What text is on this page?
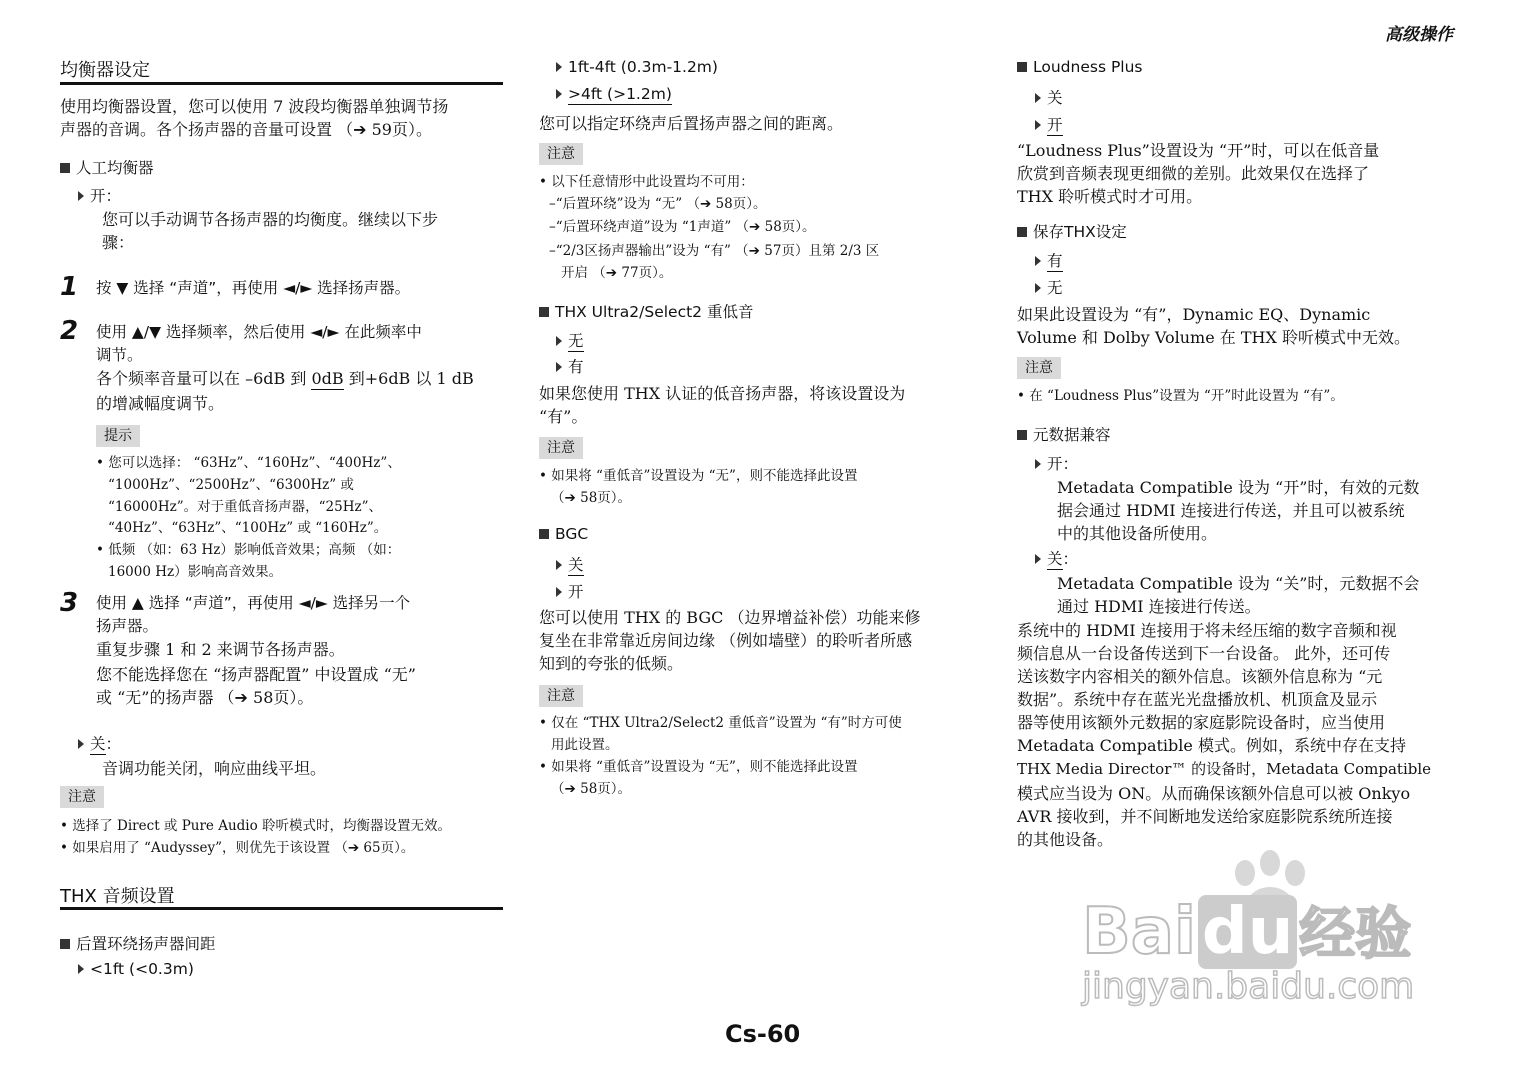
高级操作
均衡器设定
使用均衡器设置，您可以使用 7 波段均衡器单独调节扬
声器的音调。各个扬声器的音量可设置 （➔ 59页）。
人工均衡器
开：
您可以手动调节各扬声器的均衡度。继续以下步
骤：
1 按 ▼ 选择 “声道”，再使用 ◄/► 选择扬声器。
2 使用 ▲/▼ 选择频率，然后使用 ◄/► 在此频率中
调节。
各个频率音量可以在 –6dB 到 0dB 到+6dB 以 1 dB
的增减幅度调节。
提示
• 您可以选择： “63Hz”、“160Hz”、“400Hz”、
“1000Hz”、“2500Hz”、“6300Hz” 或
“16000Hz”。对于重低音扬声器，“25Hz”、
“40Hz”、“63Hz”、“100Hz” 或 “160Hz”。
• 低频 （如：63 Hz）影响低音效果；高频 （如：
16000 Hz）影响高音效果。
3 使用 ▲ 选择 “声道”，再使用 ◄/► 选择另一个
扬声器。
重复步骤 1 和 2 来调节各扬声器。
您不能选择您在 “扬声器配置” 中设置成 “无”
或 “无”的扬声器 （➔ 58页）。
关：
音调功能关闭，响应曲线平坦。
注意
• 选择了 Direct 或 Pure Audio 聆听模式时，均衡器设置无效。
• 如果启用了 “Audyssey”，则优先于该设置 （➔ 65页）。
THX 音频设置
后置环绕扬声器间距
<1ft (<0.3m)
1ft-4ft (0.3m-1.2m)
>4ft (>1.2m)
您可以指定环绕声后置扬声器之间的距离。
注意
• 以下任意情形中此设置均不可用：
–“后置环绕”设为 “无” （➔ 58页）。
–“后置环绕声道”设为 “1声道” （➔ 58页）。
–“2/3区扬声器输出”设为 “有” （➔ 57页）且第 2/3 区
开启 （➔ 77页）。
THX Ultra2/Select2 重低音
无
有
如果您使用 THX 认证的低音扬声器，将该设置设为
“有”。
注意
• 如果将 “重低音”设置设为 “无”，则不能选择此设置
（➔ 58页）。
BGC
关
开
您可以使用 THX 的 BGC （边界增益补偿）功能来修
复坐在非常靠近房间边缘 （例如墙壁）的聆听者所感
知到的夸张的低频。
注意
• 仅在 “THX Ultra2/Select2 重低音”设置为 “有”时方可使
用此设置。
• 如果将 “重低音”设置设为 “无”，则不能选择此设置
（➔ 58页）。
Loudness Plus
关
开
“Loudness Plus”设置设为 “开”时，可以在低音量
欣赏到音频表现更细微的差别。此效果仅在选择了
THX 聆听模式时才可用。
保存THX设定
有
无
如果此设置设为 “有”，Dynamic EQ、Dynamic
Volume 和 Dolby Volume 在 THX 聆听模式中无效。
注意
• 在 “Loudness Plus”设置为 “开”时此设置为 “有”。
元数据兼容
开：
Metadata Compatible 设为 “开”时，有效的元数
据会通过 HDMI 连接进行传送，并且可以被系统
中的其他设备所使用。
关：
Metadata Compatible 设为 “关”时，元数据不会
通过 HDMI 连接进行传送。
系统中的 HDMI 连接用于将未经压缩的数字音频和视
频信息从一台设备传送到下一台设备。 此外，还可传
送该数字内容相关的额外信息。该额外信息称为 “元
数据”。系统中存在蓝光光盘播放机、机顶盒及显示
器等使用该额外元数据的家庭影院设备时，应当使用
Metadata Compatible 模式。例如，系统中存在支持
THX Media Director™ 的设备时，Metadata Compatible
模式应当设为 ON。从而确保该额外信息可以被 Onkyo
AVR 接收到，并不间断地发送给家庭影院系统所连接
的其他设备。
Baidu 经验
jingyan.baidu.com
Cs-60
